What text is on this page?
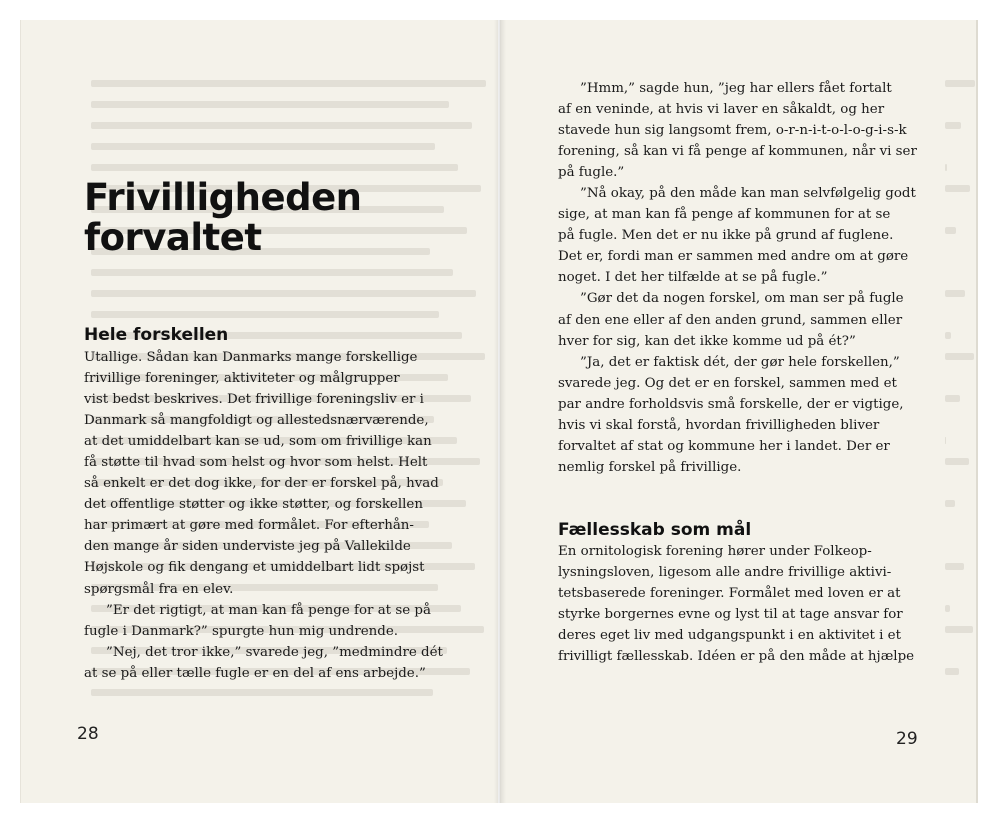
Frivilligheden
forvaltet
Hele forskellen

Utallige. Sådan kan Danmarks mange forskellige

frivillige foreninger, aktiviteter og målgrupper

vist bedst beskrives. Det frivillige foreningsliv er i

Danmark så mangfoldigt og allestedsnærværende,

at det umiddelbart kan se ud, som om frivillige kan

få støtte til hvad som helst og hvor som helst. Helt

så enkelt er det dog ikke, for der er forskel på, hvad

det offentlige støtter og ikke støtter, og forskellen

har primært at gøre med formålet. For efterhån-

den mange år siden underviste jeg på Vallekilde

Højskole og fik dengang et umiddelbart lidt spøjst

spørgsmål fra en elev.

”Er det rigtigt, at man kan få penge for at se på

fugle i Danmark?” spurgte hun mig undrende.

”Nej, det tror ikke,” svarede jeg, ”medmindre dét

at se på eller tælle fugle er en del af ens arbejde.”

28

”Hmm,” sagde hun, ”jeg har ellers fået fortalt

af en veninde, at hvis vi laver en såkaldt, og her

stavede hun sig langsomt frem, o-r-n-i-t-o-l-o-g-i-s-k

forening, så kan vi få penge af kommunen, når vi ser

på fugle.”

”Nå okay, på den måde kan man selvfølgelig godt

sige, at man kan få penge af kommunen for at se

på fugle. Men det er nu ikke på grund af fuglene.

Det er, fordi man er sammen med andre om at gøre

noget. I det her tilfælde at se på fugle.”

”Gør det da nogen forskel, om man ser på fugle

af den ene eller af den anden grund, sammen eller

hver for sig, kan det ikke komme ud på ét?”

”Ja, det er faktisk dét, der gør hele forskellen,”

svarede jeg. Og det er en forskel, sammen med et

par andre forholdsvis små forskelle, der er vigtige,

hvis vi skal forstå, hvordan frivilligheden bliver

forvaltet af stat og kommune her i landet. Der er

nemlig forskel på frivillige.

Fællesskab som mål

En ornitologisk forening hører under Folkeop-

lysningsloven, ligesom alle andre frivillige aktivi-

tetsbaserede foreninger. Formålet med loven er at

styrke borgernes evne og lyst til at tage ansvar for

deres eget liv med udgangspunkt i en aktivitet i et

frivilligt fællesskab. Idéen er på den måde at hjælpe

29
